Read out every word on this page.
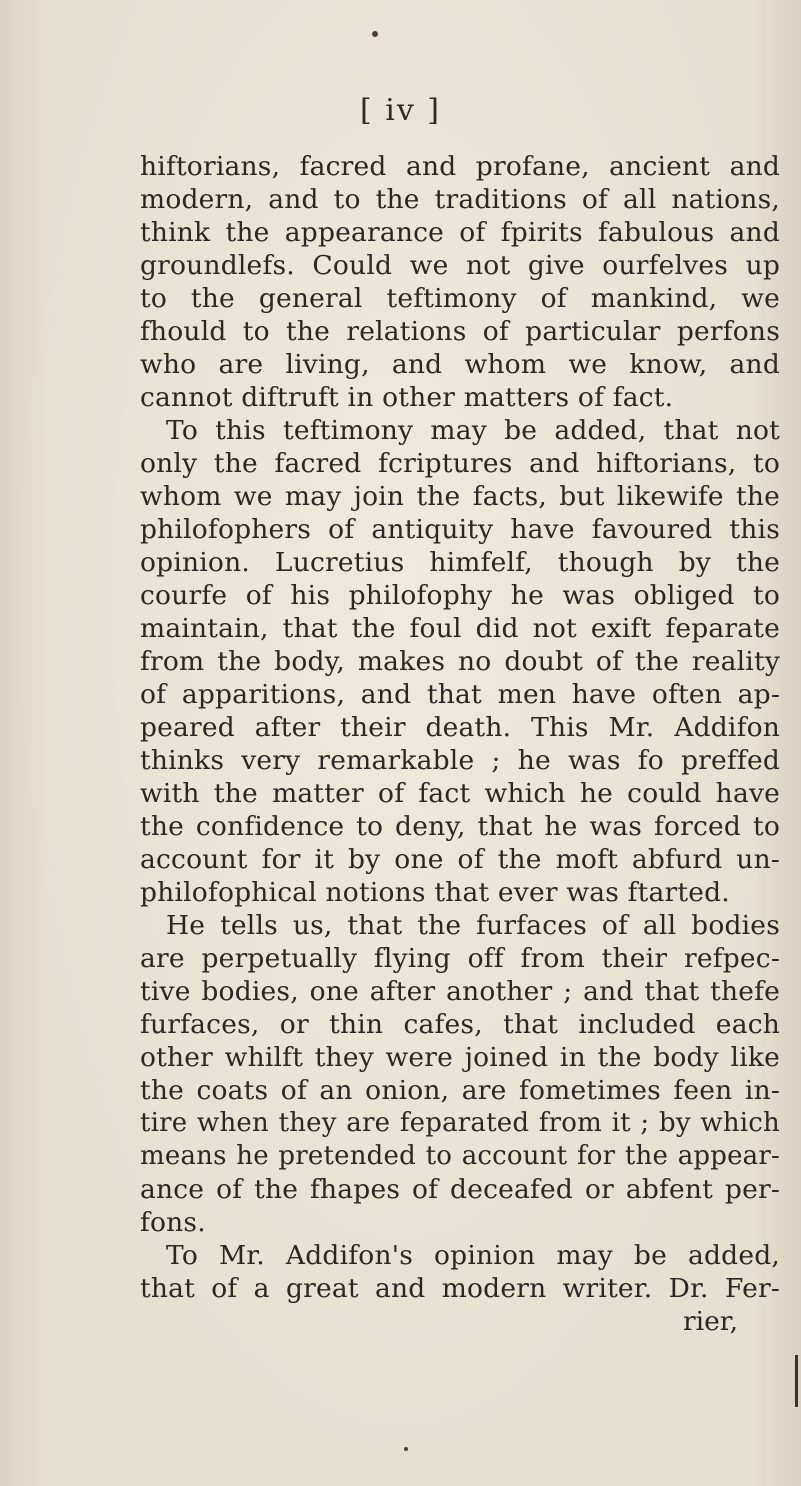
[ iv ]
hiftorians, facred and profane, ancient and
modern, and to the traditions of all nations,
think the appearance of fpirits fabulous and
groundlefs. Could we not give ourfelves up
to the general teftimony of mankind, we
fhould to the relations of particular perfons
who are living, and whom we know, and
cannot diftruft in other matters of fact.
To this teftimony may be added, that not
only the facred fcriptures and hiftorians, to
whom we may join the facts, but likewife the
philofophers of antiquity have favoured this
opinion. Lucretius himfelf, though by the
courfe of his philofophy he was obliged to
maintain, that the foul did not exift feparate
from the body, makes no doubt of the reality
of apparitions, and that men have often ap-
peared after their death. This Mr. Addifon
thinks very remarkable ; he was fo preffed
with the matter of fact which he could have
the confidence to deny, that he was forced to
account for it by one of the moft abfurd un-
philofophical notions that ever was ftarted.
He tells us, that the furfaces of all bodies
are perpetually flying off from their refpec-
tive bodies, one after another ; and that thefe
furfaces, or thin cafes, that included each
other whilft they were joined in the body like
the coats of an onion, are fometimes feen in-
tire when they are feparated from it ; by which
means he pretended to account for the appear-
ance of the fhapes of deceafed or abfent per-
fons.
To Mr. Addifon's opinion may be added,
that of a great and modern writer. Dr. Fer-
rier,
